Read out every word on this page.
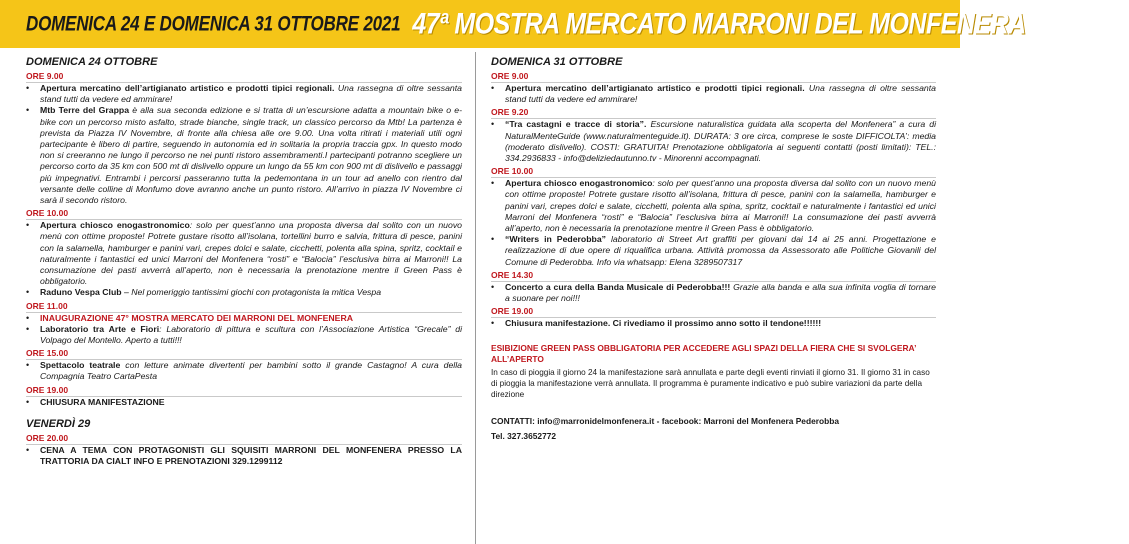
DOMENICA 24 E DOMENICA 31 OTTOBRE 2021 47ª MOSTRA MERCATO MARRONI DEL MONFENERA LIGHT EDITION
DOMENICA 24 OTTOBRE
ORE 9.00
• Apertura mercatino dell’artigianato artistico e prodotti tipici regionali. Una rassegna di oltre sessanta stand tutti da vedere ed ammirare!
• Mtb Terre del Grappa è alla sua seconda edizione e si tratta di un’escursione adatta a mountain bike o e-bike con un percorso misto asfalto, strade bianche, single track, un classico percorso da Mtb! La partenza è prevista da Piazza IV Novembre, di fronte alla chiesa alle ore 9.00. Una volta ritirati i materiali utili ogni partecipante è libero di partire, seguendo in autonomia ed in solitaria la propria traccia gpx. In questo modo non si creeranno ne lungo il percorso ne nei punti ristoro assembramenti.I partecipanti potranno scegliere un percorso corto da 35 km con 500 mt di dislivello oppure un lungo da 55 km con 900 mt di dislivello e passaggi più impegnativi. Entrambi i percorsi passeranno tutta la pedemontana in un tour ad anello con rientro dal versante delle colline di Monfumo dove avranno anche un punto ristoro. All’arrivo in piazza IV Novembre ci sarà il secondo ristoro.
ORE 10.00
• Apertura chiosco enogastronomico: solo per quest’anno una proposta diversa dal solito con un nuovo menù con ottime proposte! Potrete gustare risotto all’isolana, tortellini burro e salvia, frittura di pesce, panini con la salamella, hamburger e panini vari, crepes dolci e salate, cicchetti, polenta alla spina, spritz, cocktail e naturalmente i fantastici ed unici Marroni del Monfenera “rosti” e “Balocia” l’esclusiva birra ai Marroni!! La consumazione dei pasti avverrà all’aperto, non è necessaria la prenotazione mentre il Green Pass è obbligatorio.
• Raduno Vespa Club – Nel pomeriggio tantissimi giochi con protagonista la mitica Vespa
ORE 11.00
• INAUGURAZIONE 47° MOSTRA MERCATO DEI MARRONI DEL MONFENERA
• Laboratorio tra Arte e Fiori: Laboratorio di pittura e scultura con l’Associazione Artistica “Grecale” di Volpago del Montello. Aperto a tutti!!!
ORE 15.00
• Spettacolo teatrale con letture animate divertenti per bambini sotto il grande Castagno! A cura della Compagnia Teatro CartaPesta
ORE 19.00
• CHIUSURA MANIFESTAZIONE
VENERDÌ 29
ORE 20.00
• CENA A TEMA CON PROTAGONISTI GLI SQUISITI MARRONI DEL MONFENERA PRESSO LA TRATTORIA DA CIALT INFO E PRENOTAZIONI 329.1299112
DOMENICA 31 OTTOBRE
ORE 9.00
• Apertura mercatino dell’artigianato artistico e prodotti tipici regionali. Una rassegna di oltre sessanta stand tutti da vedere ed ammirare!
ORE 9.20
• “Tra castagni e tracce di storia”. Escursione naturalistica guidata alla scoperta del Monfenera” a cura di NaturalMenteGuide (www.naturalmenteguide.it). DURATA: 3 ore circa, comprese le soste DIFFICOLTA’: media (moderato dislivello). COSTI: GRATUITA! Prenotazione obbligatoria ai seguenti contatti (posti limitati): TEL.: 334.2936833 - info@deliziedautunno.tv - Minorenni accompagnati.
ORE 10.00
• Apertura chiosco enogastronomico: solo per quest’anno una proposta diversa dal solito con un nuovo menù con ottime proposte! Potrete gustare risotto all’isolana, frittura di pesce, panini con la salamella, hamburger e panini vari, crepes dolci e salate, cicchetti, polenta alla spina, spritz, cocktail e naturalmente i fantastici ed unici Marroni del Monfenera “rosti” e “Balocia” l’esclusiva birra ai Marroni!! La consumazione dei pasti avverrà all’aperto, non è necessaria la prenotazione mentre il Green Pass è obbligatorio.
• “Writers in Pederobba” laboratorio di Street Art graffiti per giovani dai 14 ai 25 anni. Progettazione e realizzazione di due opere di riqualifica urbana. Attività promossa da Assessorato alle Politiche Giovanili del Comune di Pederobba. Info via whatsapp: Elena 3289507317
ORE 14.30
• Concerto a cura della Banda Musicale di Pederobba!!! Grazie alla banda e alla sua infinita voglia di tornare a suonare per noi!!!
ORE 19.00
• Chiusura manifestazione. Ci rivediamo il prossimo anno sotto il tendone!!!!!!
ESIBIZIONE GREEN PASS OBBLIGATORIA PER ACCEDERE AGLI SPAZI DELLA FIERA CHE SI SVOLGERA’ ALL’APERTO
In caso di pioggia il giorno 24 la manifestazione sarà annullata e parte degli eventi rinviati il giorno 31. Il giorno 31 in caso di pioggia la manifestazione verrà annullata. Il programma è puramente indicativo e può subire variazioni da parte della direzione
CONTATTI: info@marronidelmonfenera.it - facebook: Marroni del Monfenera Pederobba
Tel. 327.3652772
